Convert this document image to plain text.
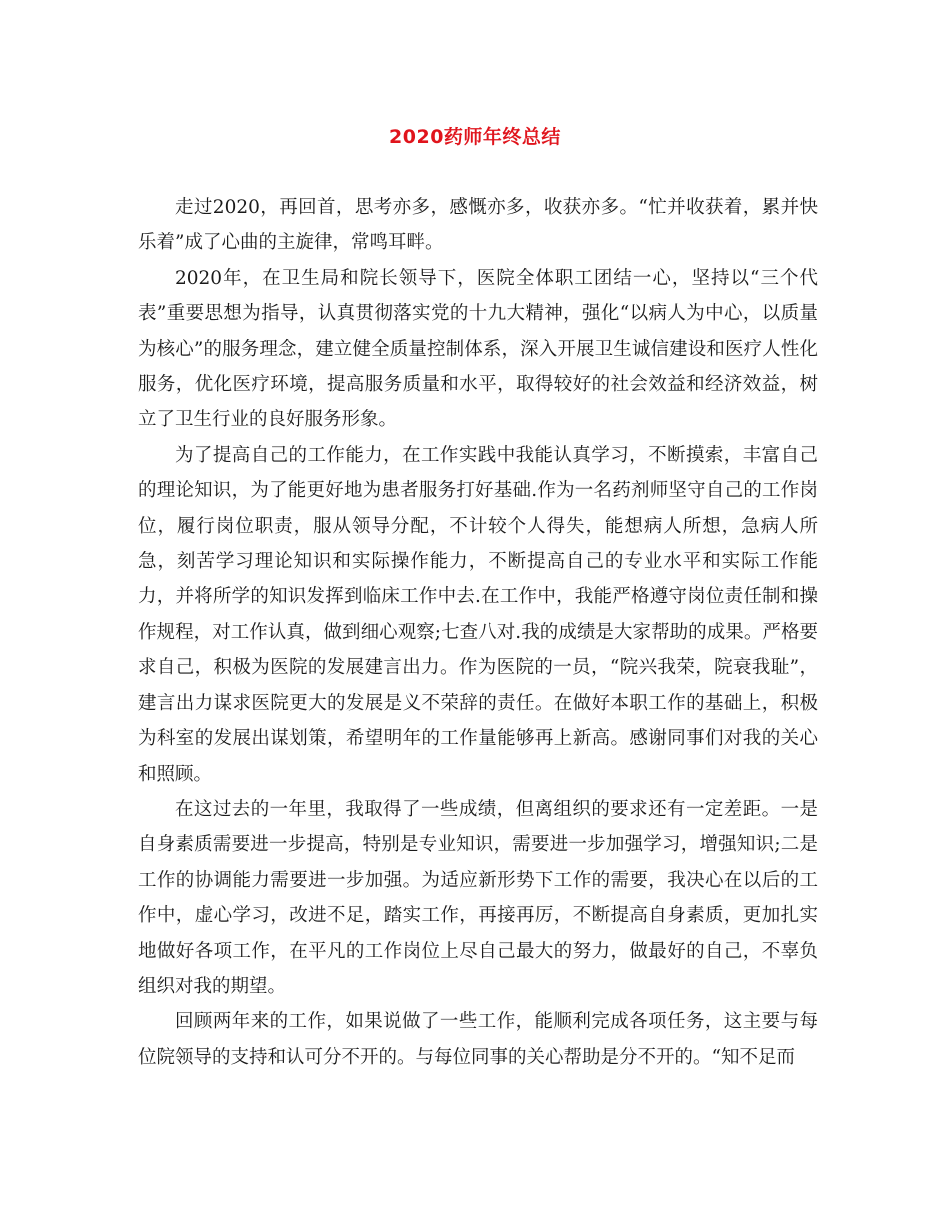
2020药师年终总结

走过2020，再回首，思考亦多，感慨亦多，收获亦多。“忙并收获着，累并快乐着”成了心曲的主旋律，常鸣耳畔。

2020年，在卫生局和院长领导下，医院全体职工团结一心，坚持以“三个代表”重要思想为指导，认真贯彻落实党的十九大精神，强化“以病人为中心，以质量为核心”的服务理念，建立健全质量控制体系，深入开展卫生诚信建设和医疗人性化服务，优化医疗环境，提高服务质量和水平，取得较好的社会效益和经济效益，树立了卫生行业的良好服务形象。

为了提高自己的工作能力，在工作实践中我能认真学习，不断摸索，丰富自己的理论知识，为了能更好地为患者服务打好基础.作为一名药剂师坚守自己的工作岗位，履行岗位职责，服从领导分配，不计较个人得失，能想病人所想，急病人所急，刻苦学习理论知识和实际操作能力，不断提高自己的专业水平和实际工作能力，并将所学的知识发挥到临床工作中去.在工作中，我能严格遵守岗位责任制和操作规程，对工作认真，做到细心观察;七查八对.我的成绩是大家帮助的成果。严格要求自己，积极为医院的发展建言出力。作为医院的一员，“院兴我荣，院衰我耻”，建言出力谋求医院更大的发展是义不荣辞的责任。在做好本职工作的基础上，积极为科室的发展出谋划策，希望明年的工作量能够再上新高。感谢同事们对我的关心和照顾。

在这过去的一年里，我取得了一些成绩，但离组织的要求还有一定差距。一是自身素质需要进一步提高，特别是专业知识，需要进一步加强学习，增强知识;二是工作的协调能力需要进一步加强。为适应新形势下工作的需要，我决心在以后的工作中，虚心学习，改进不足，踏实工作，再接再厉，不断提高自身素质，更加扎实地做好各项工作，在平凡的工作岗位上尽自己最大的努力，做最好的自己，不辜负组织对我的期望。

回顾两年来的工作，如果说做了一些工作，能顺利完成各项任务，这主要与每位院领导的支持和认可分不开的。与每位同事的关心帮助是分不开的。“知不足而
